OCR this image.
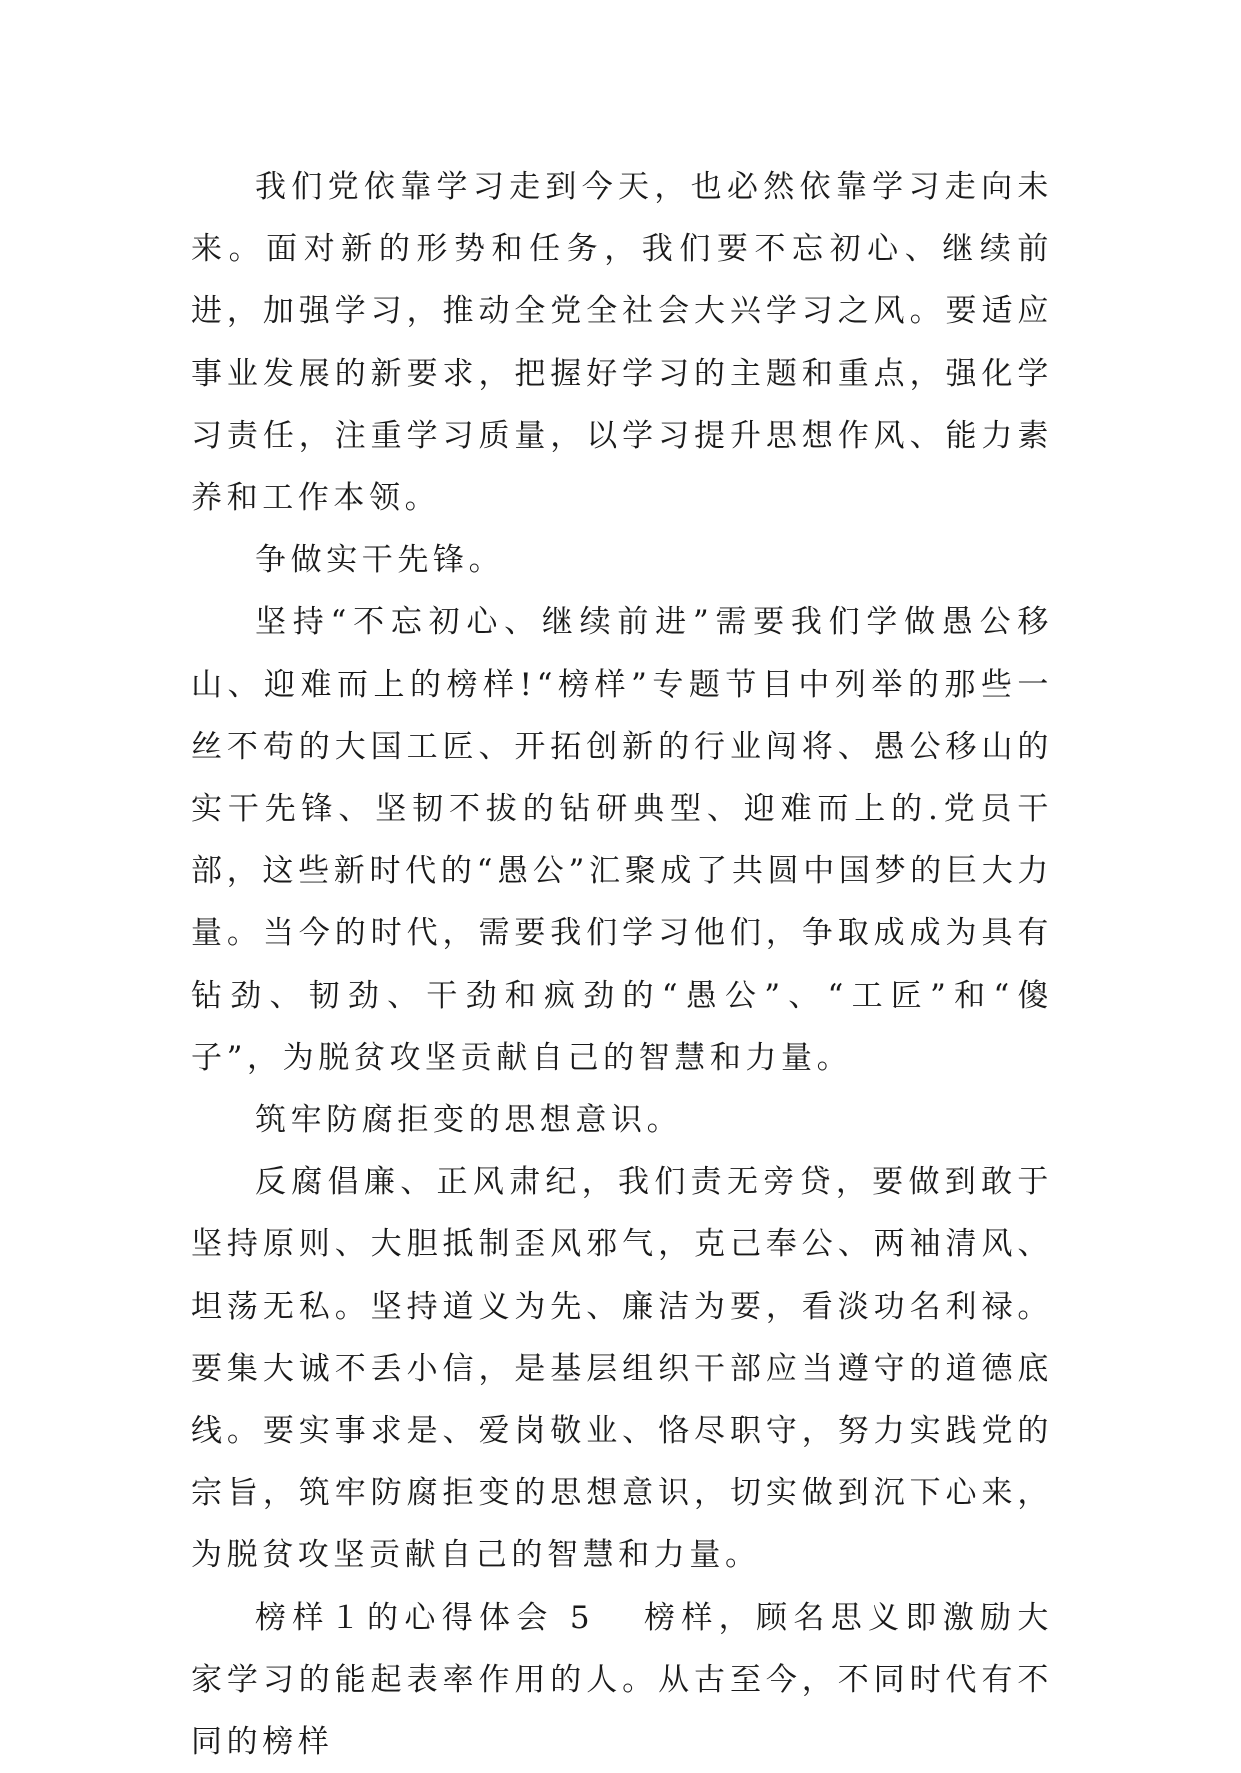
我们党依靠学习走到今天，也必然依靠学习走向未来。面对新的形势和任务，我们要不忘初心、继续前进，加强学习，推动全党全社会大兴学习之风。要适应事业发展的新要求，把握好学习的主题和重点，强化学习责任，注重学习质量，以学习提升思想作风、能力素养和工作本领。

争做实干先锋。

坚持“不忘初心、继续前进”需要我们学做愚公移山、迎难而上的榜样!“榜样”专题节目中列举的那些一丝不苟的大国工匠、开拓创新的行业闯将、愚公移山的实干先锋、坚韧不拔的钻研典型、迎难而上的.党员干部，这些新时代的“愚公”汇聚成了共圆中国梦的巨大力量。当今的时代，需要我们学习他们，争取成成为具有钻劲、韧劲、干劲和疯劲的“愚公”、“工匠”和“傻子”，为脱贫攻坚贡献自己的智慧和力量。

筑牢防腐拒变的思想意识。

反腐倡廉、正风肃纪，我们责无旁贷，要做到敢于坚持原则、大胆抵制歪风邪气，克己奉公、两袖清风、坦荡无私。坚持道义为先、廉洁为要，看淡功名利禄。要集大诚不丢小信，是基层组织干部应当遵守的道德底线。要实事求是、爱岗敬业、恪尽职守，努力实践党的宗旨，筑牢防腐拒变的思想意识，切实做到沉下心来，为脱贫攻坚贡献自己的智慧和力量。

榜样１的心得体会 5 榜样，顾名思义即激励大家学习的能起表率作用的人。从古至今，不同时代有不同的榜样
